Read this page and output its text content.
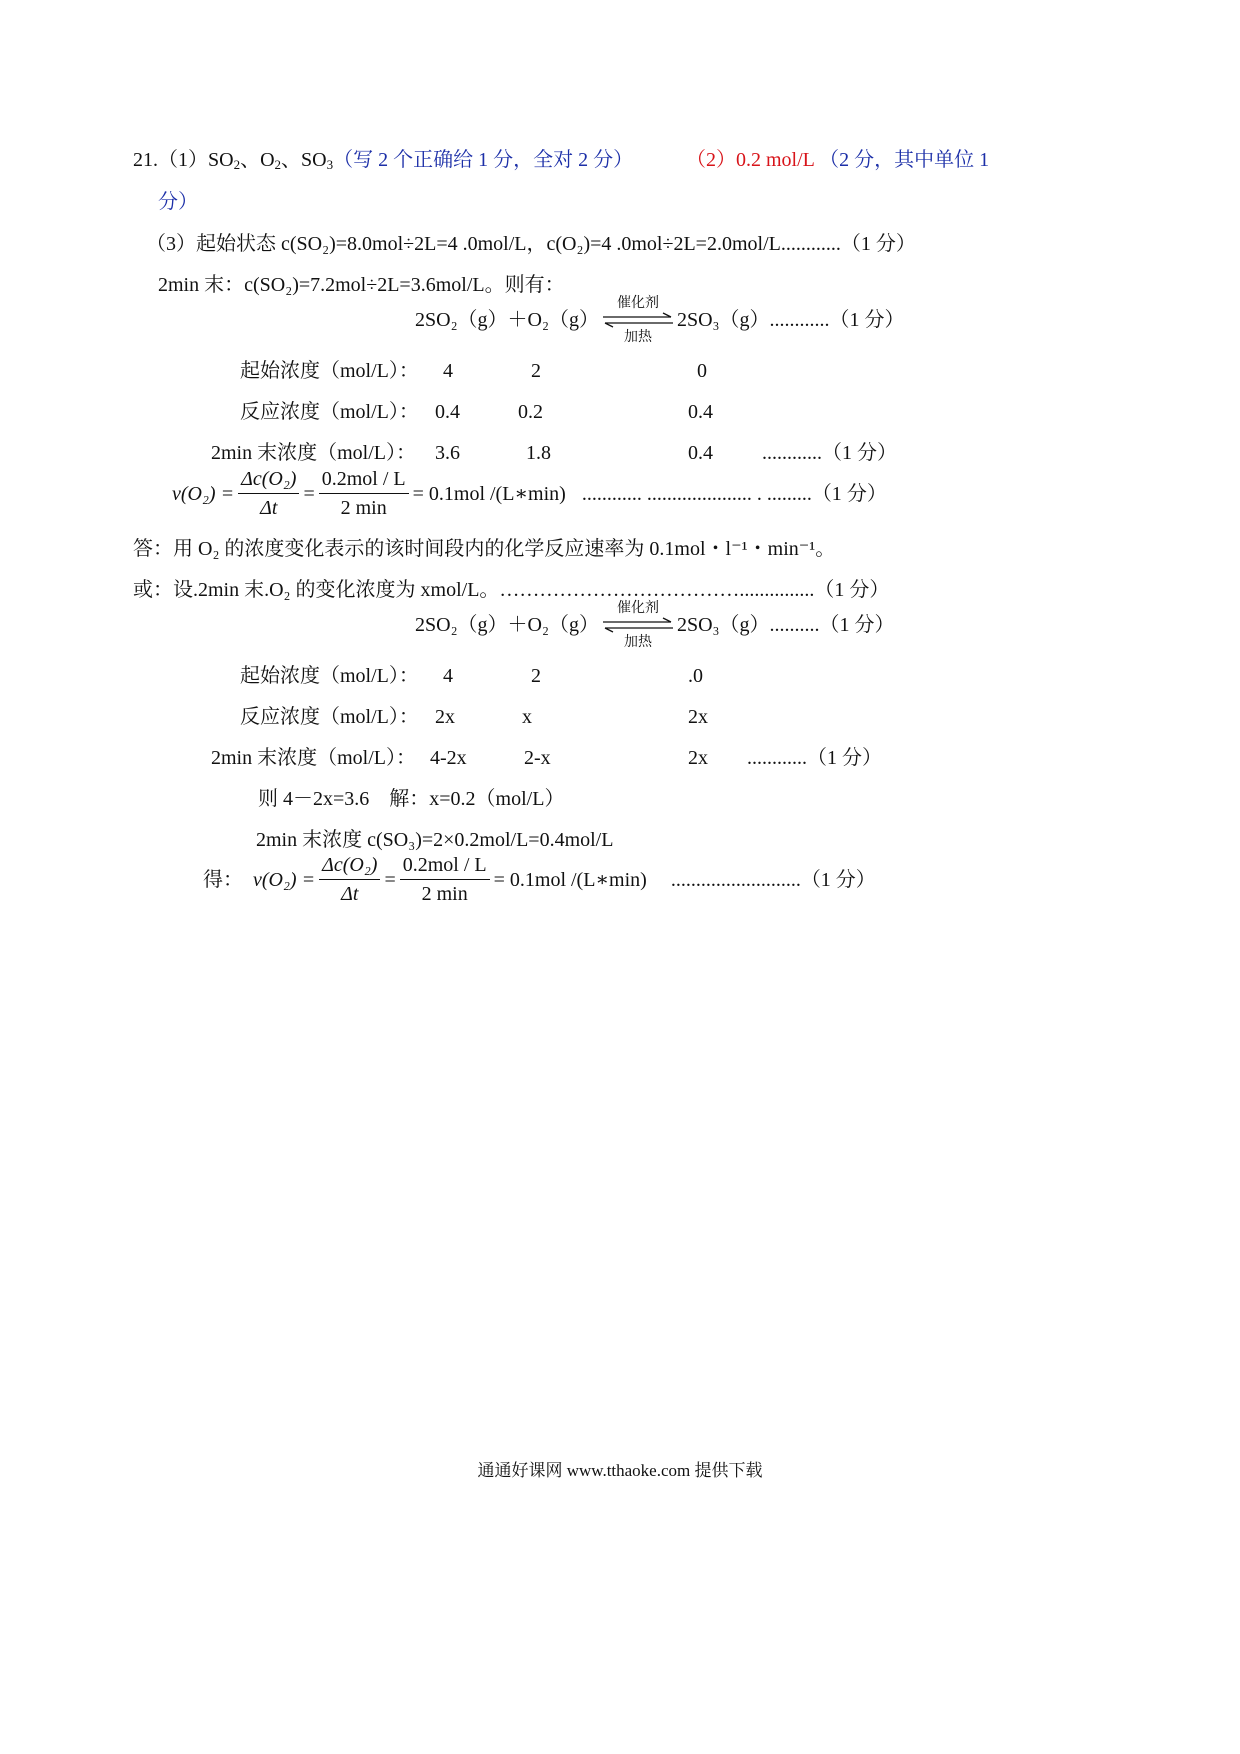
$21.(1)SO_2$、$O_2$、$SO_3$（写 2 个正确给 1 分，全对 2 分）	（2）0.2 mol/L （2 分，其中单位 1
分）
（3）起始状态 c(SO₂)=8.0mol÷2L=4 .0mol/L，c(O₂)=4 .0mol÷2L=2.0mol/L............（1 分）
2min 末：c(SO₂)=7.2mol÷2L=3.6mol/L。则有：
2SO₂（g）＋O₂（g）
催化剂
加热
2SO₃（g）............（1 分）
起始浓度（mol/L）： 4	2	0
反应浓度（mol/L）： 0.4	0.2	0.4
2min 末浓度（mol/L）： 3.6	1.8	0.4 ............（1 分）
$v(O_2) = \frac{\text{Δc(O₂)}}{\Delta t} = \frac{\text{0.2mol / L}}{2 \min} = 0.1mol$ /(L∗min) ............ ..................... . .........（1 分）
答：用 O₂ 的浓度变化表示的该时间段内的化学反应速率为 0.1mol・l⁻¹・min⁻¹。
或：设.2min 末.O₂ 的变化浓度为 xmol/L。………………………………...............（1 分）
2SO₂（g）＋O₂（g）
催化剂
加热
2SO₃（g）..........（1 分）
起始浓度（mol/L）： 4	2	.0
反应浓度（mol/L）： 2x	x	2x
2min 末浓度（mol/L）： 4-2x	2-x	2x ............（1 分）
则 4－2x=3.6　解：x=0.2（mol/L）
2min 末浓度 c(SO₃)=2×0.2mol/L=0.4mol/L
得： $v(O_2) = \frac{\text{Δc(O₂)}}{\Delta t} = \frac{\text{0.2mol / L}}{2 \min} = 0.1mol$ /(L∗min) ..........................（1 分）
通通好课网 www.tthaoke.com 提供下载
